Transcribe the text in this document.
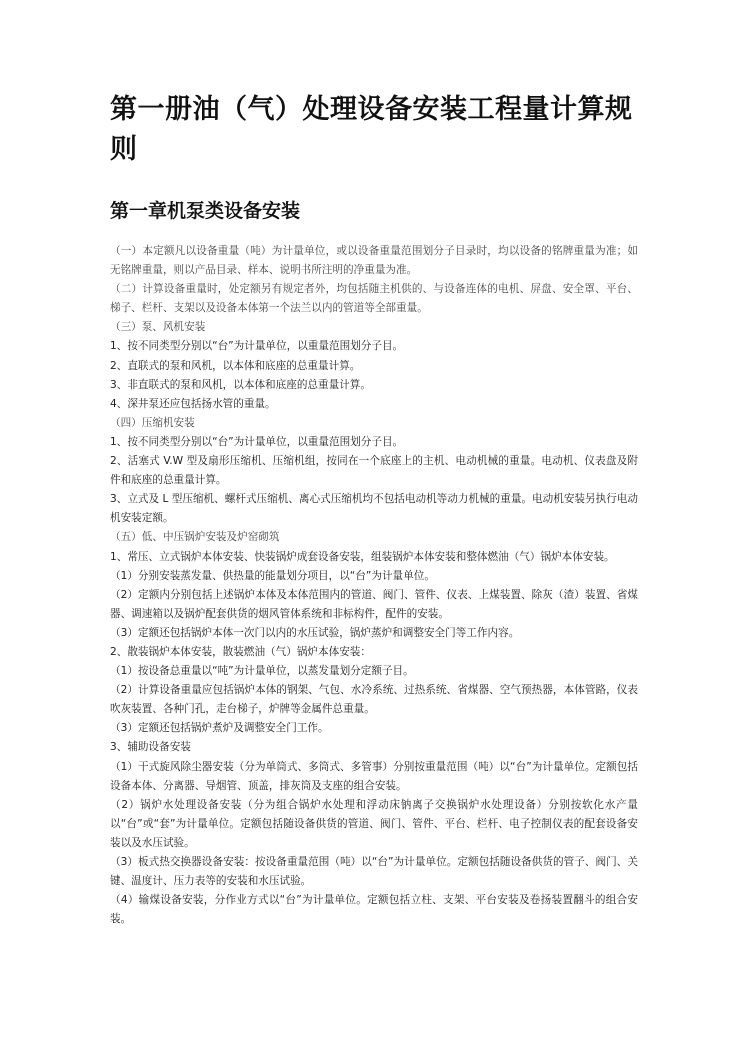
第一册油（气）处理设备安装工程量计算规则
第一章机泵类设备安装

（一）本定额凡以设备重量（吨）为计量单位，或以设备重量范围划分子目录时，均以设备的铭牌重量为准；如无铭牌重量，则以产品目录、样本、说明书所注明的净重量为准。

（二）计算设备重量时，处定额另有规定者外，均包括随主机供的、与设备连体的电机、屏盘、安全罩、平台、梯子、栏杆、支架以及设备本体第一个法兰以内的管道等全部重量。

（三）泵、风机安装

1、按不同类型分别以“台”为计量单位，以重量范围划分子目。

2、直联式的泵和风机，以本体和底座的总重量计算。

3、非直联式的泵和风机，以本体和底座的总重量计算。

4、深井泵还应包括扬水管的重量。

（四）压缩机安装

1、按不同类型分别以“台”为计量单位，以重量范围划分子目。

2、活塞式 V.W 型及扇形压缩机、压缩机组，按同在一个底座上的主机、电动机械的重量。电动机、仪表盘及附件和底座的总重量计算。

3、立式及 L 型压缩机、螺杆式压缩机、离心式压缩机均不包括电动机等动力机械的重量。电动机安装另执行电动机安装定额。

（五）低、中压锅炉安装及炉窑砌筑

1、常压、立式锅炉本体安装、快装锅炉成套设备安装，组装锅炉本体安装和整体燃油（气）锅炉本体安装。

（1）分别安装蒸发量、供热量的能量划分项目，以“台”为计量单位。

（2）定额内分别包括上述锅炉本体及本体范围内的管道、阀门、管件、仪表、上煤装置、除灰（渣）装置、省煤器、调速箱以及锅炉配套供货的烟风管体系统和非标构件，配件的安装。

（3）定额还包括锅炉本体一次门以内的水压试验，锅炉蒸炉和调整安全门等工作内容。

2、散装锅炉本体安装，散装燃油（气）锅炉本体安装：

（1）按设备总重量以“吨”为计量单位，以蒸发量划分定额子目。

（2）计算设备重量应包括锅炉本体的钢架、气包、水冷系统、过热系统、省煤器、空气预热器，本体管路，仪表吹灰装置、各种门孔，走台梯子，炉牌等金属件总重量。

（3）定额还包括锅炉煮炉及调整安全门工作。

3、辅助设备安装

（1）干式旋风除尘器安装（分为单筒式、多筒式、多管事）分别按重量范围（吨）以“台”为计量单位。定额包括设备本体、分离器、导烟管、顶盖，排灰筒及支座的组合安装。

（2）锅炉水处理设备安装（分为组合锅炉水处理和浮动床钠离子交换锅炉水处理设备）分别按软化水产量以“台”或“套”为计量单位。定额包括随设备供货的管道、阀门、管件、平台、栏杆、电子控制仪表的配套设备安装以及水压试验。

（3）板式热交换器设备安装：按设备重量范围（吨）以“台”为计量单位。定额包括随设备供货的管子、阀门、关键、温度计、压力表等的安装和水压试验。

（4）输煤设备安装，分作业方式以“台”为计量单位。定额包括立柱、支架、平台安装及卷扬装置翻斗的组合安装。
